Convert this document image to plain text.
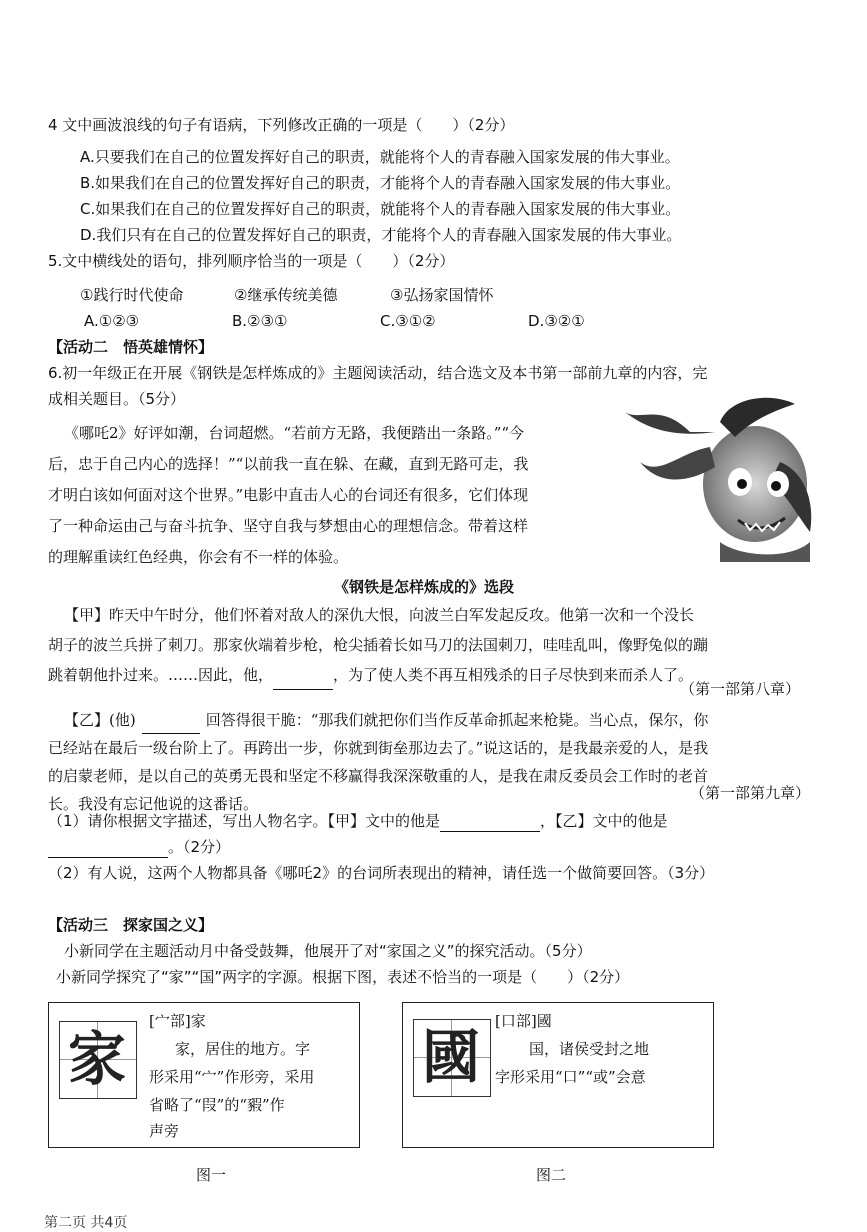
4 文中画波浪线的句子有语病，下列修改正确的一项是（　　）（2分）
A.只要我们在自己的位置发挥好自己的职责，就能将个人的青春融入国家发展的伟大事业。
B.如果我们在自己的位置发挥好自己的职责，才能将个人的青春融入国家发展的伟大事业。
C.如果我们在自己的位置发挥好自己的职责，就能将个人的青春融入国家发展的伟大事业。
D.我们只有在自己的位置发挥好自己的职责，才能将个人的青春融入国家发展的伟大事业。
5.文中横线处的语句，排列顺序恰当的一项是（　　）（2分）
①践行时代使命	②继承传统美德	③弘扬家国情怀
A.①②③	B.②③①	C.③①②	D.③②①
【活动二　悟英雄情怀】
6.初一年级正在开展《钢铁是怎样炼成的》主题阅读活动，结合选文及本书第一部前九章的内容，完
成相关题目。（5分）
《哪吒2》好评如潮，台词超燃。“若前方无路，我便踏出一条路。”“今
后，忠于自己内心的选择！”“以前我一直在躲、在藏，直到无路可走，我
才明白该如何面对这个世界。”电影中直击人心的台词还有很多，它们体现
了一种命运由己与奋斗抗争、坚守自我与梦想由心的理想信念。带着这样
的理解重读红色经典，你会有不一样的体验。
《钢铁是怎样炼成的》选段
【甲】昨天中午时分，他们怀着对敌人的深仇大恨，向波兰白军发起反攻。他第一次和一个没长
胡子的波兰兵拼了刺刀。那家伙端着步枪，枪尖插着长如马刀的法国刺刀，哇哇乱叫，像野兔似的蹦
跳着朝他扑过来。……因此，他，	，为了使人类不再互相残杀的日子尽快到来而杀人了。
（第一部第八章）
【乙】(他)	回答得很干脆：“那我们就把你们当作反革命抓起来枪毙。当心点，保尔，你
已经站在最后一级台阶上了。再跨出一步，你就到街垒那边去了。”说这话的，是我最亲爱的人，是我
的启蒙老师，是以自己的英勇无畏和坚定不移赢得我深深敬重的人，是我在肃反委员会工作时的老首
长。我没有忘记他说的这番话。
（第一部第九章）
（1）请你根据文字描述，写出人物名字。【甲】文中的他是	，【乙】文中的他是
。（2分）
（2）有人说，这两个人物都具备《哪吒2》的台词所表现出的精神，请任选一个做简要回答。（3分）
【活动三　探家国之义】
小新同学在主题活动月中备受鼓舞，他展开了对“家国之义”的探究活动。（5分）
小新同学探究了“家”“国”两字的字源。根据下图，表述不恰当的一项是（　　）（2分）
家
[宀部]家
家，居住的地方。字
形采用“宀”作形旁，采用
省略了“叚”的“豭”作
声旁
图一
國
[口部]國
国，诸侯受封之地
字形采用“口”“或”会意
图二
第二页 共4页
